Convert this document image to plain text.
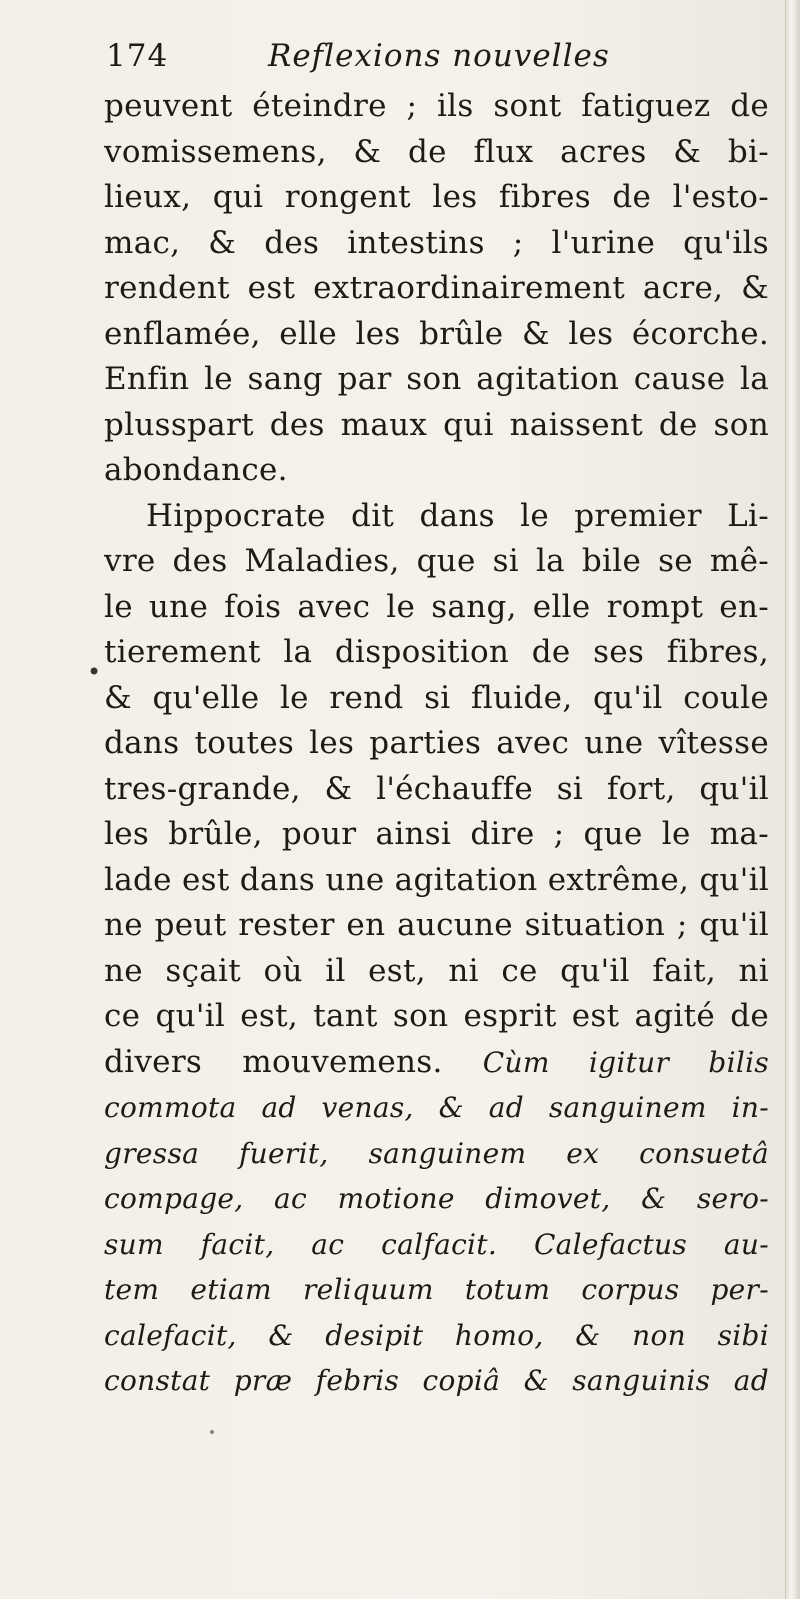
174	Reflexions nouvelles
•
peuvent éteindre ; ils sont fatiguez de
vomissemens, & de flux acres & bi-
lieux, qui rongent les fibres de l'esto-
mac, & des intestins ; l'urine qu'ils
rendent est extraordinairement acre, &
enflamée, elle les brûle & les écorche.
Enfin le sang par son agitation cause la
plusspart des maux qui naissent de son
abondance.
Hippocrate dit dans le premier Li-
vre des Maladies, que si la bile se mê-
le une fois avec le sang, elle rompt en-
tierement la disposition de ses fibres,
& qu'elle le rend si fluide, qu'il coule
dans toutes les parties avec une vîtesse
tres-grande, & l'échauffe si fort, qu'il
les brûle, pour ainsi dire ; que le ma-
lade est dans une agitation extrême, qu'il
ne peut rester en aucune situation ; qu'il
ne sçait où il est, ni ce qu'il fait, ni
ce qu'il est, tant son esprit est agité de
divers mouvemens. Cùm igitur bilis
commota ad venas, & ad sanguinem in-
gressa fuerit, sanguinem ex consuetâ
compage, ac motione dimovet, & sero-
sum facit, ac calfacit. Calefactus au-
tem etiam reliquum totum corpus per-
calefacit, & desipit homo, & non sibi
constat præ febris copiâ & sanguinis ad
